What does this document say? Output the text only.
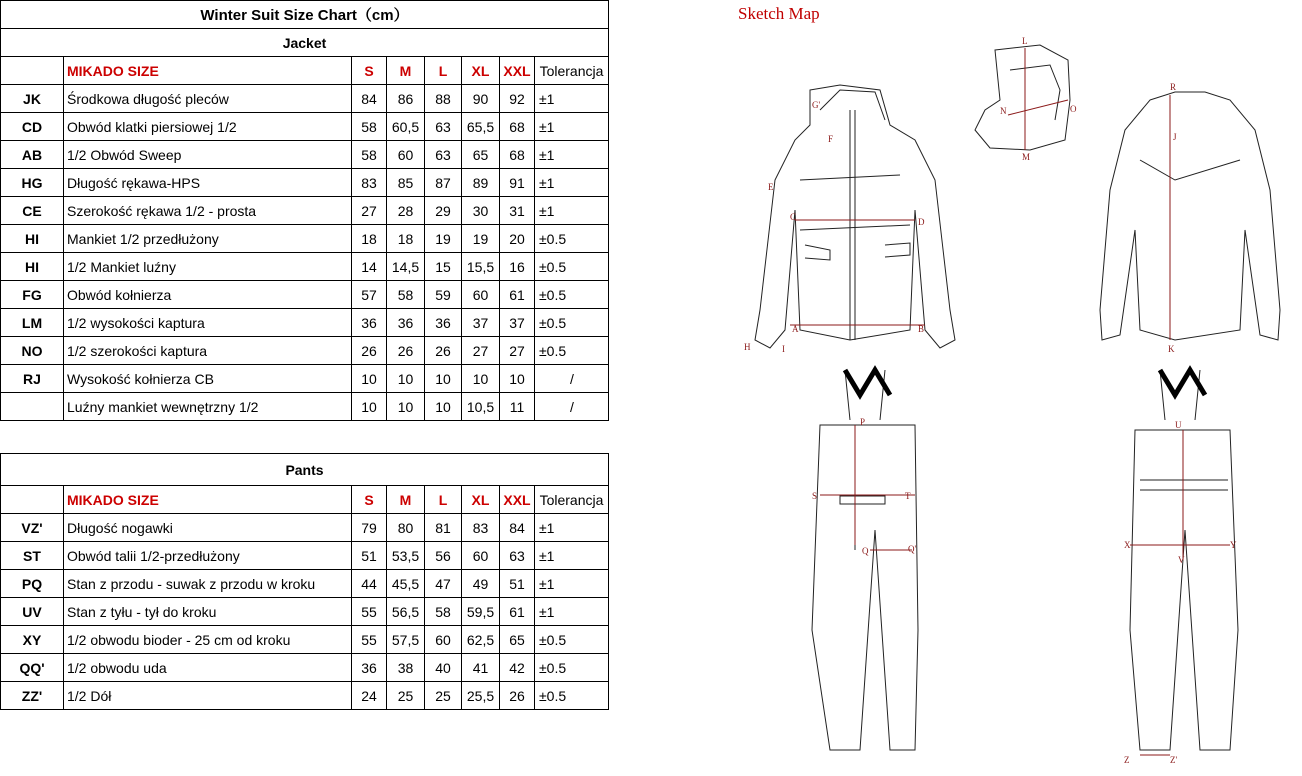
Winter Suit Size Chart（cm）							
Jacket							
	MIKADO SIZE	S	M	L	XL	XXL	Tolerancja
JK	Środkowa długość pleców	84	86	88	90	92	±1
CD	Obwód klatki piersiowej 1/2	58	60,5	63	65,5	68	±1
AB	1/2 Obwód Sweep	58	60	63	65	68	±1
HG	Długość rękawa-HPS	83	85	87	89	91	±1
CE	Szerokość rękawa 1/2 - prosta	27	28	29	30	31	±1
HI	Mankiet 1/2 przedłużony	18	18	19	19	20	±0.5
HI	1/2 Mankiet luźny	14	14,5	15	15,5	16	±0.5
FG	Obwód kołnierza	57	58	59	60	61	±0.5
LM	1/2 wysokości kaptura	36	36	36	37	37	±0.5
NO	1/2 szerokości kaptura	26	26	26	27	27	±0.5
RJ	Wysokość kołnierza CB	10	10	10	10	10	/
	Luźny mankiet wewnętrzny 1/2	10	10	10	10,5	11	/
Pants							
	MIKADO SIZE	S	M	L	XL	XXL	Tolerancja
VZ'	Długość nogawki	79	80	81	83	84	±1
ST	Obwód talii 1/2-przedłużony	51	53,5	56	60	63	±1
PQ	Stan z przodu - suwak z przodu w kroku	44	45,5	47	49	51	±1
UV	Stan z tyłu - tył do kroku	55	56,5	58	59,5	61	±1
XY	1/2 obwodu bioder - 25 cm od kroku	55	57,5	60	62,5	65	±0.5
QQ'	1/2 obwodu uda	36	38	40	41	42	±0.5
ZZ'	1/2 Dół	24	25	25	25,5	26	±0.5
Sketch Map
G'
C
E
D
A	B
H	I
F
L
N	O
M
R
J
K
P
S	T
Q	Q'
U
X	Y
V
Z	Z'
